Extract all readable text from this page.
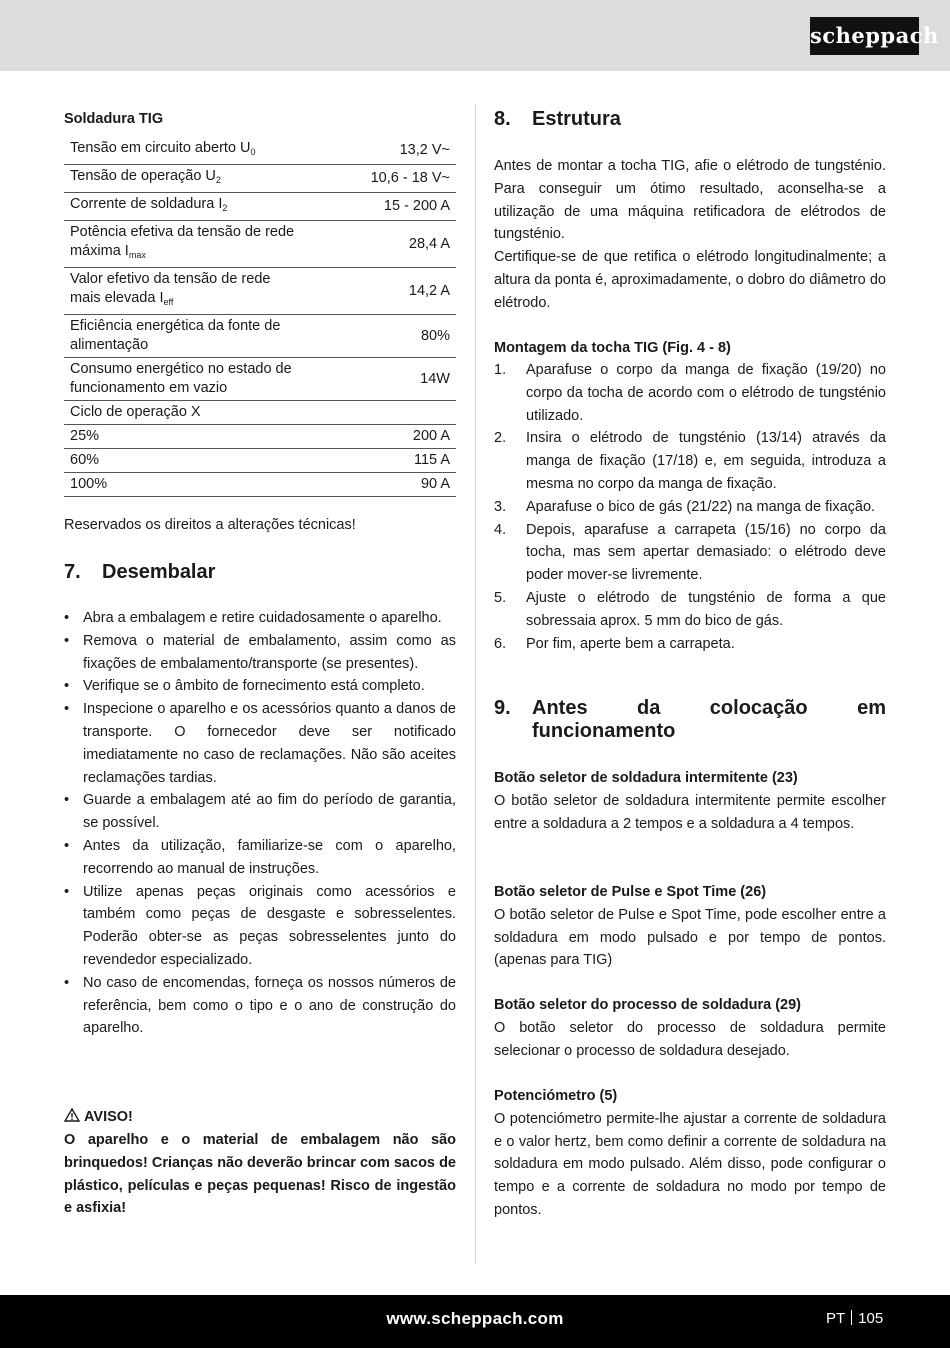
scheppach
Soldadura TIG
Tensão em circuito aberto $U_0$	13,2 V~
Tensão de operação $U_2$	10,6 - 18 V~
Corrente de soldadura $I_2$	15 - 200 A
Potência efetiva da tensão de rede máxima $I_{max}$	28,4 A
Valor efetivo da tensão de rede mais elevada $I_{eff}$	14,2 A
Eficiência energética da fonte de alimentação	80%
Consumo energético no estado de funcionamento em vazio	14W
Ciclo de operação X	
25%	200 A
60%	115 A
100%	90 A
Reservados os direitos a alterações técnicas!
7. Desembalar
• Abra a embalagem e retire cuidadosamente o aparelho.
• Remova o material de embalamento, assim como as fixações de embalamento/transporte (se presentes).
• Verifique se o âmbito de fornecimento está completo.
• Inspecione o aparelho e os acessórios quanto a danos de transporte. O fornecedor deve ser notificado imediatamente no caso de reclamações. Não são aceites reclamações tardias.
• Guarde a embalagem até ao fim do período de garantia, se possível.
• Antes da utilização, familiarize-se com o aparelho, recorrendo ao manual de instruções.
• Utilize apenas peças originais como acessórios e também como peças de desgaste e sobresselentes. Poderão obter-se as peças sobresselentes junto do revendedor especializado.
• No caso de encomendas, forneça os nossos números de referência, bem como o tipo e o ano de construção do aparelho.
AVISO!
O aparelho e o material de embalagem não são brinquedos! Crianças não deverão brincar com sacos de plástico, películas e peças pequenas! Risco de ingestão e asfixia!
8. Estrutura
Antes de montar a tocha TIG, afie o elétrodo de tungsténio. Para conseguir um ótimo resultado, aconselha-se a utilização de uma máquina retificadora de elétrodos de tungsténio.
Certifique-se de que retifica o elétrodo longitudinalmente; a altura da ponta é, aproximadamente, o dobro do diâmetro do elétrodo.
Montagem da tocha TIG (Fig. 4 - 8)
1. Aparafuse o corpo da manga de fixação (19/20) no corpo da tocha de acordo com o elétrodo de tungsténio utilizado.
2. Insira o elétrodo de tungsténio (13/14) através da manga de fixação (17/18) e, em seguida, introduza a mesma no corpo da manga de fixação.
3. Aparafuse o bico de gás (21/22) na manga de fixação.
4. Depois, aparafuse a carrapeta (15/16) no corpo da tocha, mas sem apertar demasiado: o elétrodo deve poder mover-se livremente.
5. Ajuste o elétrodo de tungsténio de forma a que sobressaia aprox. 5 mm do bico de gás.
6. Por fim, aperte bem a carrapeta.
9.	Antes da colocação em funcionamento
Botão seletor de soldadura intermitente (23)
O botão seletor de soldadura intermitente permite escolher entre a soldadura a 2 tempos e a soldadura a 4 tempos.
Botão seletor de Pulse e Spot Time (26)
O botão seletor de Pulse e Spot Time, pode escolher entre a soldadura em modo pulsado e por tempo de pontos. (apenas para TIG)
Botão seletor do processo de soldadura (29)
O botão seletor do processo de soldadura permite selecionar o processo de soldadura desejado.
Potenciómetro (5)
O potenciómetro permite-lhe ajustar a corrente de soldadura e o valor hertz, bem como definir a corrente de soldadura na soldadura em modo pulsado. Além disso, pode configurar o tempo e a corrente de soldadura no modo por tempo de pontos.
www.scheppach.com	PT 105
